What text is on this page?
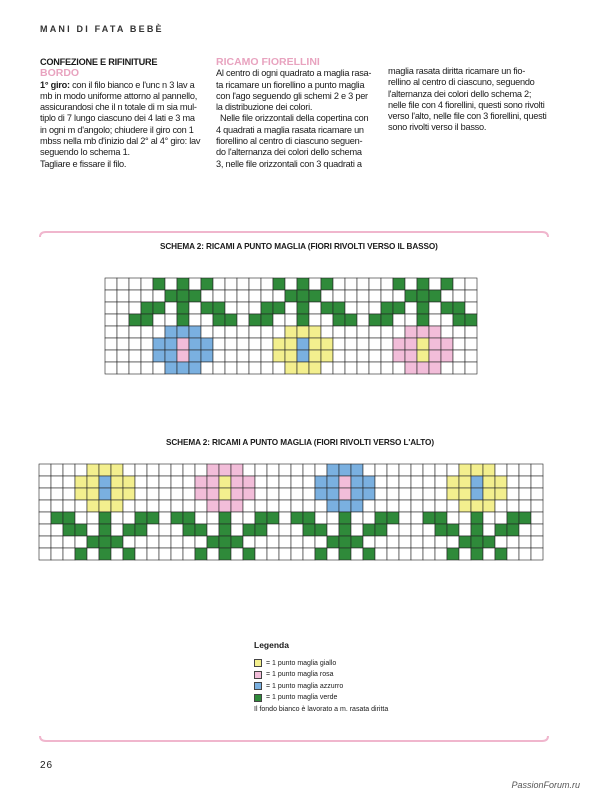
MANI DI FATA BEBÈ

CONFEZIONE E RIFINITURE

BORDO

1° giro: con il filo bianco e l'unc n 3 lav a

mb in modo uniforme attorno al pannello,

assicurandosi che il n totale di m sia mul-

tiplo di 7 lungo ciascuno dei 4 lati e 3 ma

in ogni m d'angolo; chiudere il giro con 1

mbss nella mb d'inizio dal 2° al 4° giro: lav

seguendo lo schema 1.

Tagliare e fissare il filo.

RICAMO FIORELLINI

Al centro di ogni quadrato a maglia rasa-

ta ricamare un fiorellino a punto maglia

con l'ago seguendo gli schemi 2 e 3 per

la distribuzione dei colori.

Nelle file orizzontali della copertina con

4 quadrati a maglia rasata ricamare un

fiorellino al centro di ciascuno seguen-

do l'alternanza dei colori dello schema

3, nelle file orizzontali con 3 quadrati a

maglia rasata diritta ricamare un fio-

rellino al centro di ciascuno, seguendo

l'alternanza dei colori dello schema 2;

nelle file con 4 fiorellini, questi sono rivolti

verso l'alto, nelle file con 3 fiorellini, questi

sono rivolti verso il basso.

SCHEMA 2: RICAMI A PUNTO MAGLIA (FIORI RIVOLTI VERSO IL BASSO)
SCHEMA 2: RICAMI A PUNTO MAGLIA (FIORI RIVOLTI VERSO L'ALTO)
Legenda
= 1 punto maglia giallo
= 1 punto maglia rosa
= 1 punto maglia azzurro
= 1 punto maglia verde
Il fondo bianco è lavorato a m. rasata diritta
26
PassionForum.ru
